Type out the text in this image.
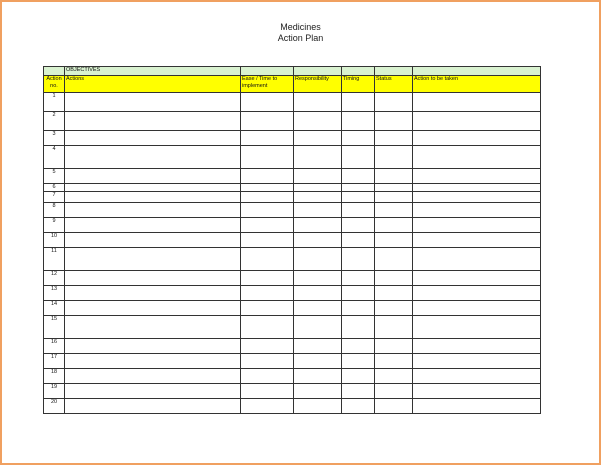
Medicines
Action Plan
	OBJECTIVES					
Action no.	Actions	Ease / Time to implement	Responsibility	Timing	Status	Action to be taken
1						
2						
3						
4						
5						
6						
7						
8						
9						
10						
11						
12						
13						
14						
15						
16						
17						
18						
19						
20						
